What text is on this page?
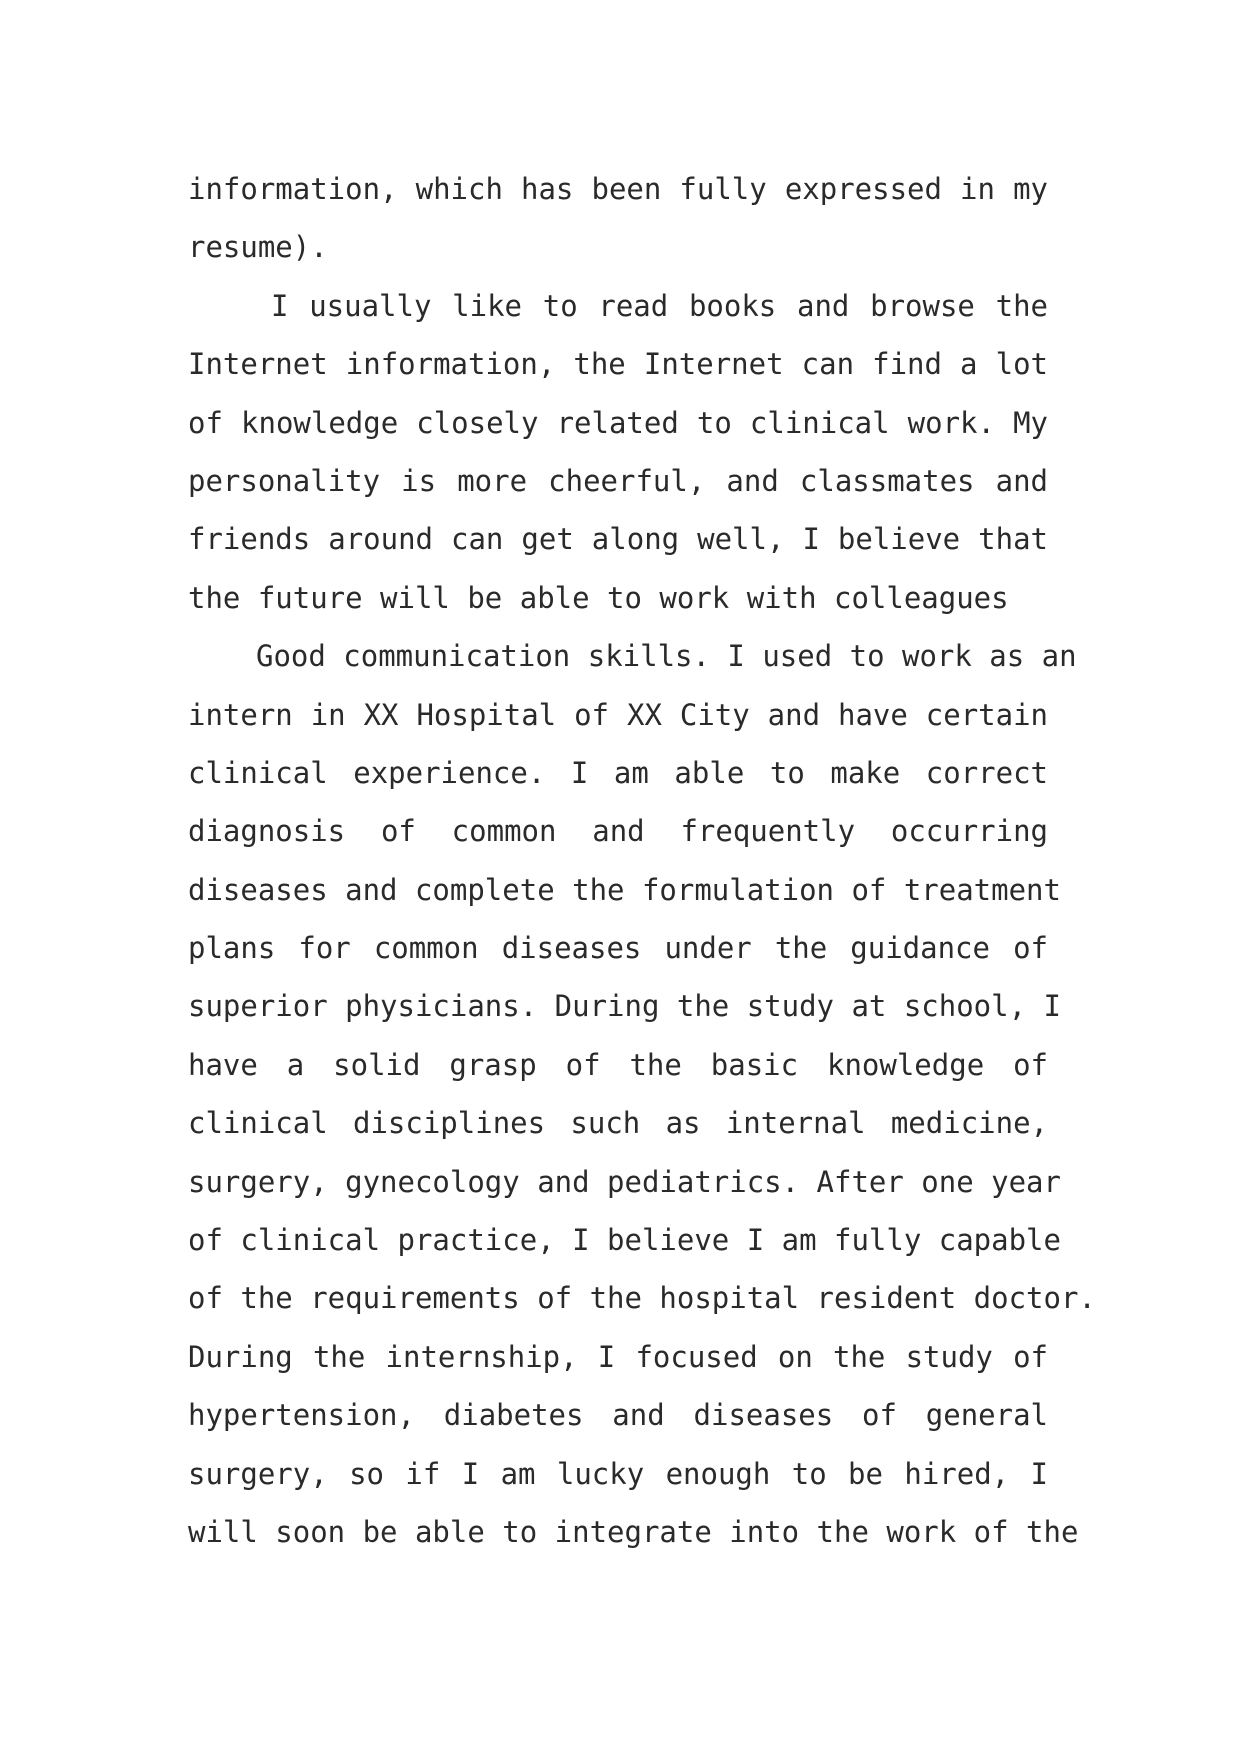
information, which has been fully expressed in my
resume).
I usually like to read books and browse the
Internet information, the Internet can find a lot
of knowledge closely related to clinical work. My
personality is more cheerful, and classmates and
friends around can get along well, I believe that
the future will be able to work with colleagues
Good communication skills. I used to work as an
intern in XX Hospital of XX City and have certain
clinical experience. I am able to make correct
diagnosis of common and frequently occurring
diseases and complete the formulation of treatment
plans for common diseases under the guidance of
superior physicians. During the study at school, I
have a solid grasp of the basic knowledge of
clinical disciplines such as internal medicine,
surgery, gynecology and pediatrics. After one year
of clinical practice, I believe I am fully capable
of the requirements of the hospital resident doctor.
During the internship, I focused on the study of
hypertension, diabetes and diseases of general
surgery, so if I am lucky enough to be hired, I
will soon be able to integrate into the work of the
